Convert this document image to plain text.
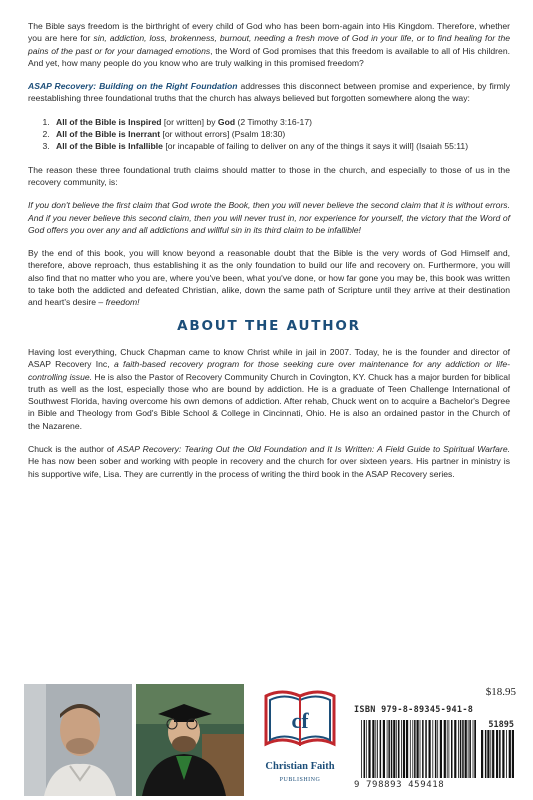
The Bible says freedom is the birthright of every child of God who has been born-again into His Kingdom. Therefore, whether you are here for sin, addiction, loss, brokenness, burnout, needing a fresh move of God in your life, or to find healing for the pains of the past or for your damaged emotions, the Word of God promises that this freedom is available to all of His children. And yet, how many people do you know who are truly walking in this promised freedom?

ASAP Recovery: Building on the Right Foundation addresses this disconnect between promise and experience, by firmly reestablishing three foundational truths that the church has always believed but forgotten somewhere along the way:

1. All of the Bible is Inspired [or written] by God (2 Timothy 3:16-17)
2. All of the Bible is Inerrant [or without errors] (Psalm 18:30)
3. All of the Bible is Infallible [or incapable of failing to deliver on any of the things it says it will] (Isaiah 55:11)

The reason these three foundational truth claims should matter to those in the church, and especially to those of us in the recovery community, is:

If you don't believe the first claim that God wrote the Book, then you will never believe the second claim that it is without errors. And if you never believe this second claim, then you will never trust in, nor experience for yourself, the victory that the Word of God offers you over any and all addictions and willful sin in its third claim to be infallible!

By the end of this book, you will know beyond a reasonable doubt that the Bible is the very words of God Himself and, therefore, above reproach, thus establishing it as the only foundation to build our life and recovery on. Furthermore, you will also find that no matter who you are, where you've been, what you've done, or how far gone you may be, this book was written to take both the addicted and defeated Christian, alike, down the same path of Scripture until they arrive at their destination and heart's desire – freedom!

ABOUT THE AUTHOR

Having lost everything, Chuck Chapman came to know Christ while in jail in 2007. Today, he is the founder and director of ASAP Recovery Inc, a faith-based recovery program for those seeking cure over maintenance for any addiction or life-controlling issue. He is also the Pastor of Recovery Community Church in Covington, KY. Chuck has a major burden for biblical truth as well as the lost, especially those who are bound by addiction. He is a graduate of Teen Challenge International of Southwest Florida, having overcome his own demons of addiction. After rehab, Chuck went on to acquire a Bachelor's Degree in Bible and Theology from God's Bible School & College in Cincinnati, Ohio. He is also an ordained pastor in the Church of the Nazarene.

Chuck is the author of ASAP Recovery: Tearing Out the Old Foundation and It Is Written: A Field Guide to Spiritual Warfare. He has now been sober and working with people in recovery and the church for over sixteen years. His partner in ministry is his supportive wife, Lisa. They are currently in the process of writing the third book in the ASAP Recovery series.

cf
Christian Faith
PUBLISHING
$18.95
ISBN 979-8-89345-941-8
51895
9 798893 459418
